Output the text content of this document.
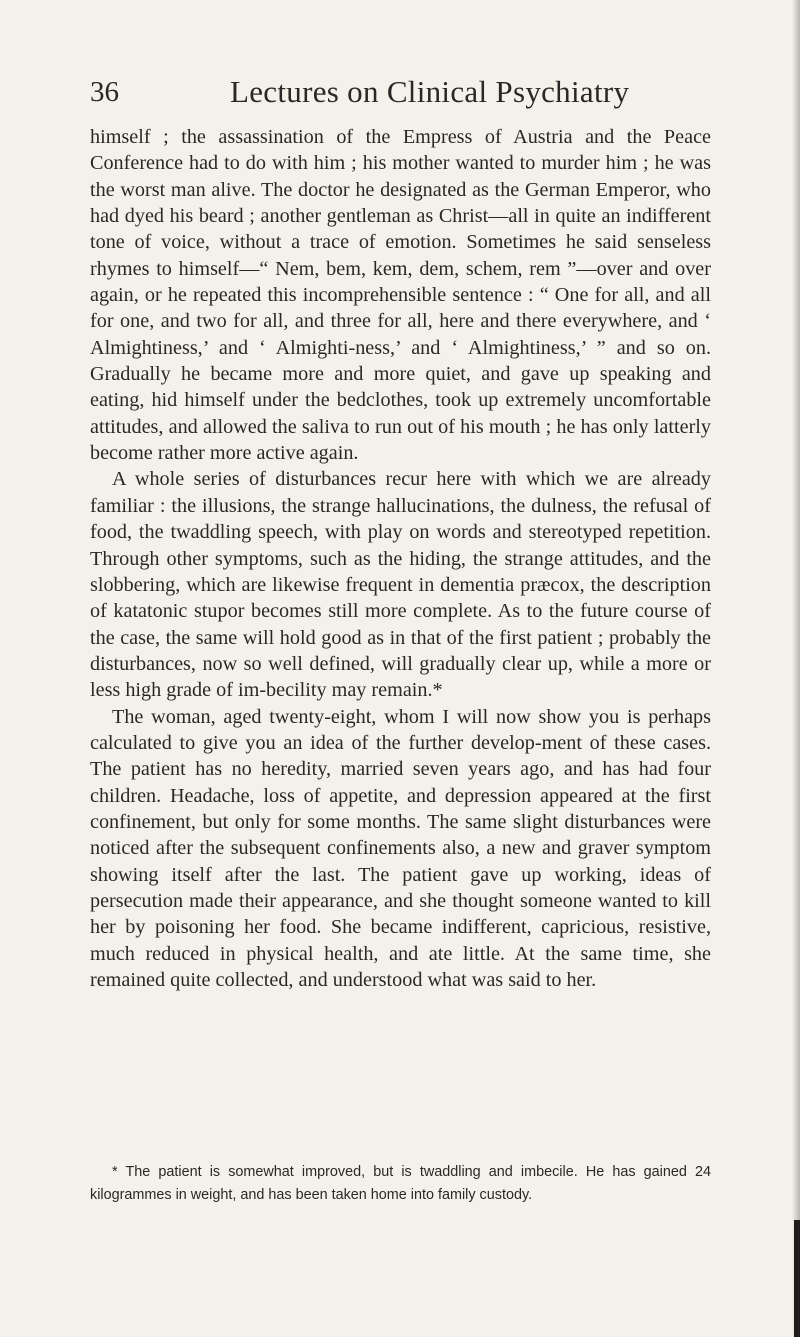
36	Lectures on Clinical Psychiatry

himself ; the assassination of the Empress of Austria and the Peace Conference had to do with him ; his mother wanted to murder him ; he was the worst man alive. The doctor he designated as the German Emperor, who had dyed his beard ; another gentleman as Christ—all in quite an indifferent tone of voice, without a trace of emotion. Sometimes he said senseless rhymes to himself—“ Nem, bem, kem, dem, schem, rem ”—over and over again, or he repeated this incomprehensible sentence : “ One for all, and all for one, and two for all, and three for all, here and there everywhere, and ‘ Almightiness,’ and ‘ Almighti-ness,’ and ‘ Almightiness,’ ” and so on. Gradually he became more and more quiet, and gave up speaking and eating, hid himself under the bedclothes, took up extremely uncomfortable attitudes, and allowed the saliva to run out of his mouth ; he has only latterly become rather more active again.

A whole series of disturbances recur here with which we are already familiar : the illusions, the strange hallucinations, the dulness, the refusal of food, the twaddling speech, with play on words and stereotyped repetition. Through other symptoms, such as the hiding, the strange attitudes, and the slobbering, which are likewise frequent in dementia præcox, the description of katatonic stupor becomes still more complete. As to the future course of the case, the same will hold good as in that of the first patient ; probably the disturbances, now so well defined, will gradually clear up, while a more or less high grade of im-becility may remain.*

The woman, aged twenty-eight, whom I will now show you is perhaps calculated to give you an idea of the further develop-ment of these cases. The patient has no heredity, married seven years ago, and has had four children. Headache, loss of appetite, and depression appeared at the first confinement, but only for some months. The same slight disturbances were noticed after the subsequent confinements also, a new and graver symptom showing itself after the last. The patient gave up working, ideas of persecution made their appearance, and she thought someone wanted to kill her by poisoning her food. She became indifferent, capricious, resistive, much reduced in physical health, and ate little. At the same time, she remained quite collected, and understood what was said to her.

* The patient is somewhat improved, but is twaddling and imbecile. He has gained 24 kilogrammes in weight, and has been taken home into family custody.
